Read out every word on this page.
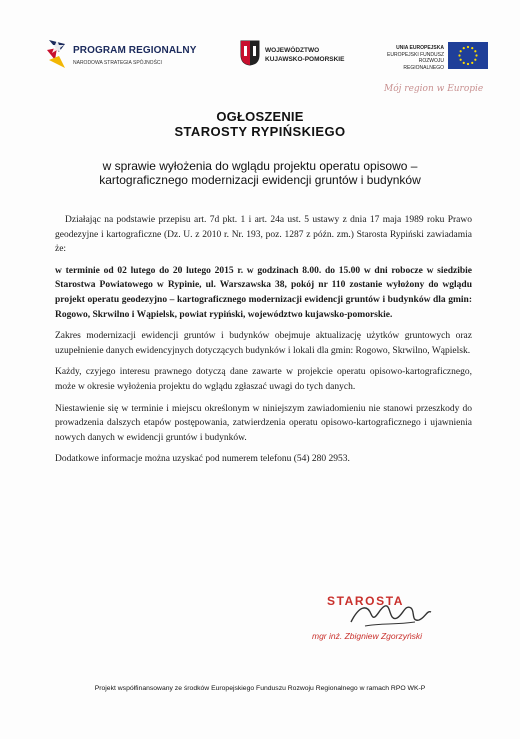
PROGRAM REGIONALNY
NARODOWA STRATEGIA SPÓJNOŚCI
WOJEWÓDZTWO
KUJAWSKO-POMORSKIE
UNIA EUROPEJSKA
EUROPEJSKI FUNDUSZ
ROZWOJU REGIONALNEGO
Mój region w Europie
OGŁOSZENIE
STAROSTY RYPIŃSKIEGO
w sprawie wyłożenia do wglądu projektu operatu opisowo –
kartograficznego modernizacji ewidencji gruntów i budynków

Działając na podstawie przepisu art. 7d pkt. 1 i art. 24a ust. 5 ustawy z dnia 17 maja 1989 roku Prawo geodezyjne i kartograficzne (Dz. U. z 2010 r. Nr. 193, poz. 1287 z późn. zm.) Starosta Rypiński zawiadamia że:

w terminie od 02 lutego do 20 lutego 2015 r. w godzinach 8.00. do 15.00 w dni robocze w siedzibie Starostwa Powiatowego w Rypinie, ul. Warszawska 38, pokój nr 110 zostanie wyłożony do wglądu projekt operatu geodezyjno – kartograficznego modernizacji ewidencji gruntów i budynków dla gmin: Rogowo, Skrwilno i Wąpielsk, powiat rypiński, województwo kujawsko-pomorskie.

Zakres modernizacji ewidencji gruntów i budynków obejmuje aktualizację użytków gruntowych oraz uzupełnienie danych ewidencyjnych dotyczących budynków i lokali dla gmin: Rogowo, Skrwilno, Wąpielsk.

Każdy, czyjego interesu prawnego dotyczą dane zawarte w projekcie operatu opisowo-kartograficznego, może w okresie wyłożenia projektu do wglądu zgłaszać uwagi do tych danych.

Niestawienie się w terminie i miejscu określonym w niniejszym zawiadomieniu nie stanowi przeszkody do prowadzenia dalszych etapów postępowania, zatwierdzenia operatu opisowo-kartograficznego i ujawnienia nowych danych w ewidencji gruntów i budynków.

Dodatkowe informacje można uzyskać pod numerem telefonu (54) 280 2953.

STAROSTA
mgr inż. Zbigniew Zgorzyński
Projekt współfinansowany ze środków Europejskiego Funduszu Rozwoju Regionalnego w ramach RPO WK-P
